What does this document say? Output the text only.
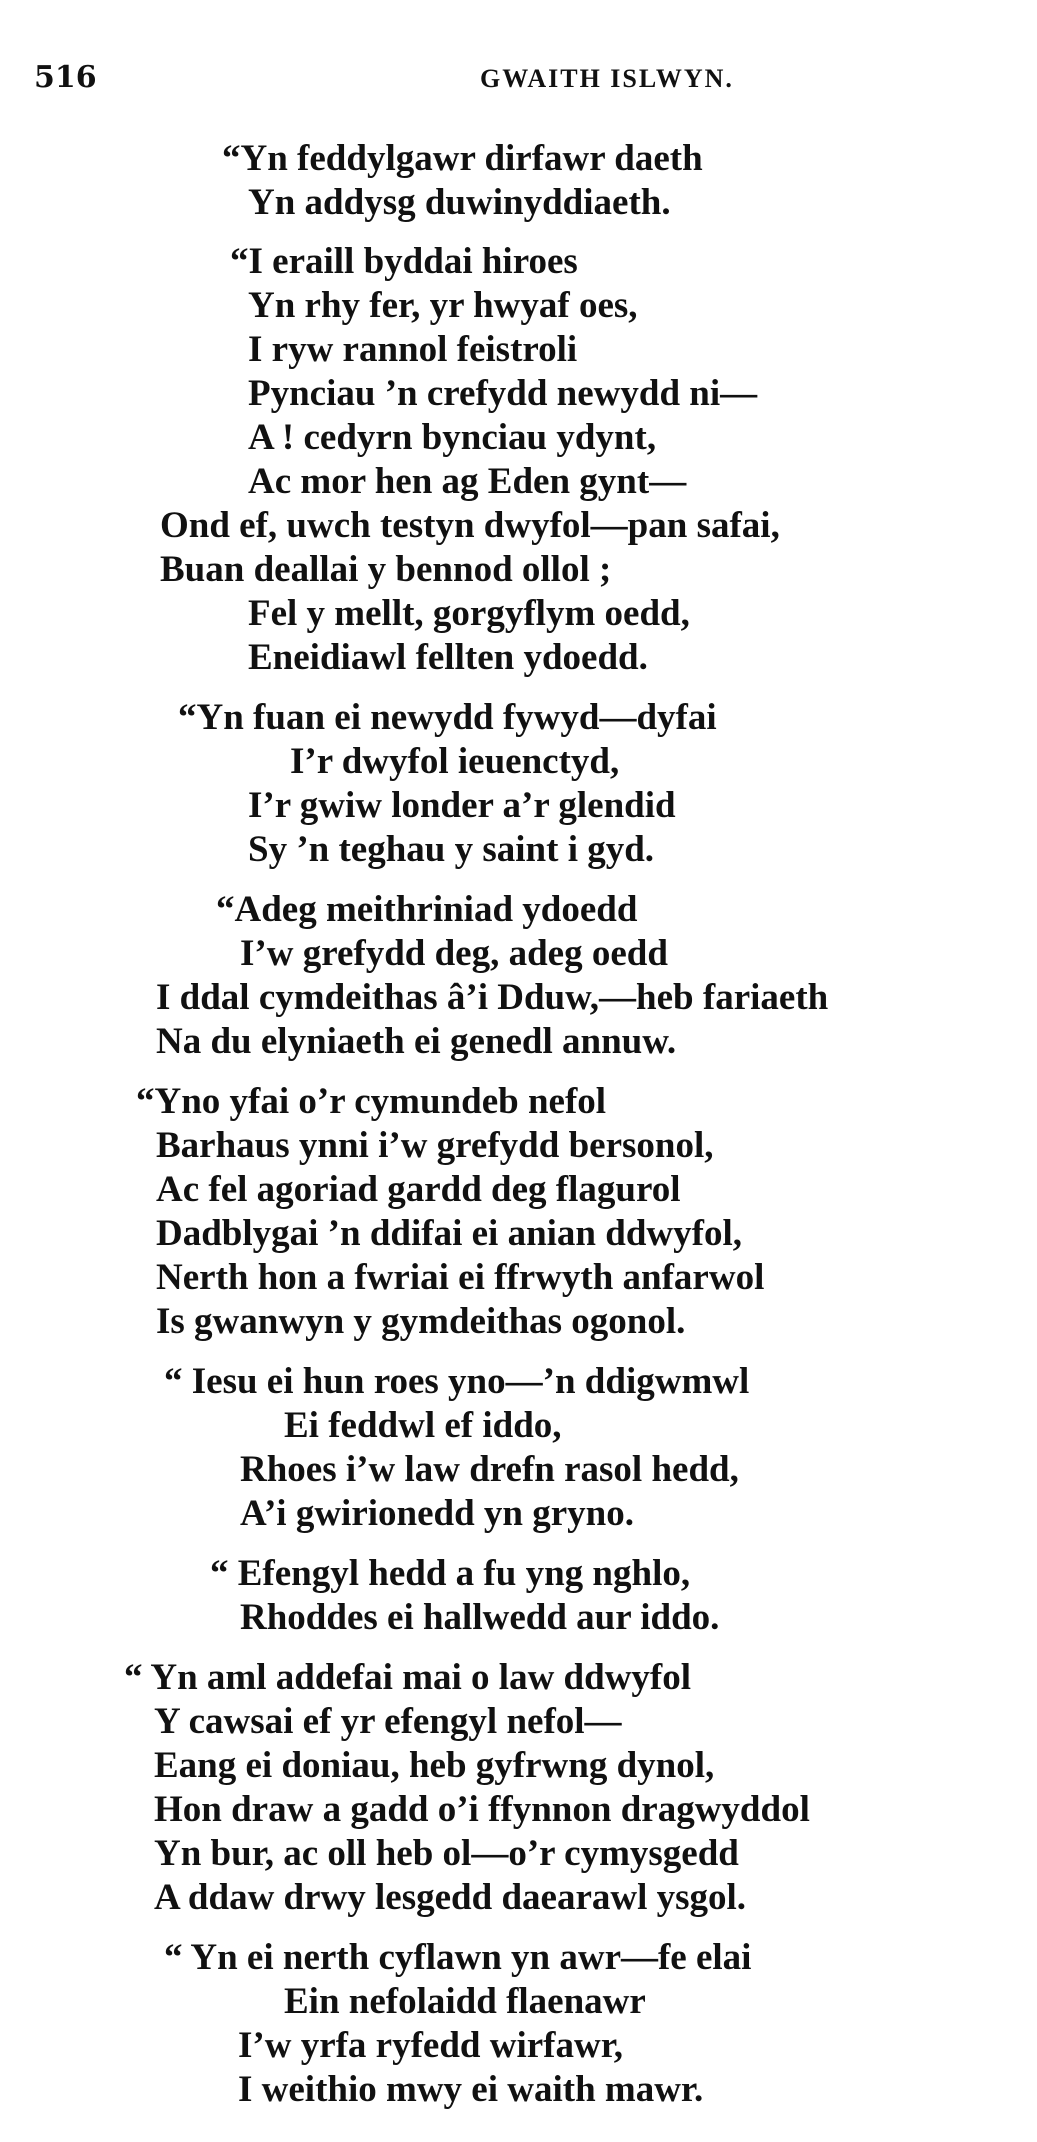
516	GWAITH ISLWYN.
“Yn feddylgawr dirfawr daeth
Yn addysg duwinyddiaeth.
“I eraill byddai hiroes
Yn rhy fer, yr hwyaf oes,
I ryw rannol feistroli
Pynciau ’n crefydd newydd ni—
A ! cedyrn bynciau ydynt,
Ac mor hen ag Eden gynt—
Ond ef, uwch testyn dwyfol—pan safai,
Buan deallai y bennod ollol ;
Fel y mellt, gorgyflym oedd,
Eneidiawl fellten ydoedd.
“Yn fuan ei newydd fywyd—dyfai
I’r dwyfol ieuenctyd,
I’r gwiw londer a’r glendid
Sy ’n teghau y saint i gyd.
“Adeg meithriniad ydoedd
I’w grefydd deg, adeg oedd
I ddal cymdeithas â’i Dduw,—heb fariaeth
Na du elyniaeth ei genedl annuw.
“Yno yfai o’r cymundeb nefol
Barhaus ynni i’w grefydd bersonol,
Ac fel agoriad gardd deg flagurol
Dadblygai ’n ddifai ei anian ddwyfol,
Nerth hon a fwriai ei ffrwyth anfarwol
Is gwanwyn y gymdeithas ogonol.
“ Iesu ei hun roes yno—’n ddigwmwl
Ei feddwl ef iddo,
Rhoes i’w law drefn rasol hedd,
A’i gwirionedd yn gryno.
“ Efengyl hedd a fu yng nghlo,
Rhoddes ei hallwedd aur iddo.
“ Yn aml addefai mai o law ddwyfol
Y cawsai ef yr efengyl nefol—
Eang ei doniau, heb gyfrwng dynol,
Hon draw a gadd o’i ffynnon dragwyddol
Yn bur, ac oll heb ol—o’r cymysgedd
A ddaw drwy lesgedd daearawl ysgol.
“ Yn ei nerth cyflawn yn awr—fe elai
Ein nefolaidd flaenawr
I’w yrfa ryfedd wirfawr,
I weithio mwy ei waith mawr.
